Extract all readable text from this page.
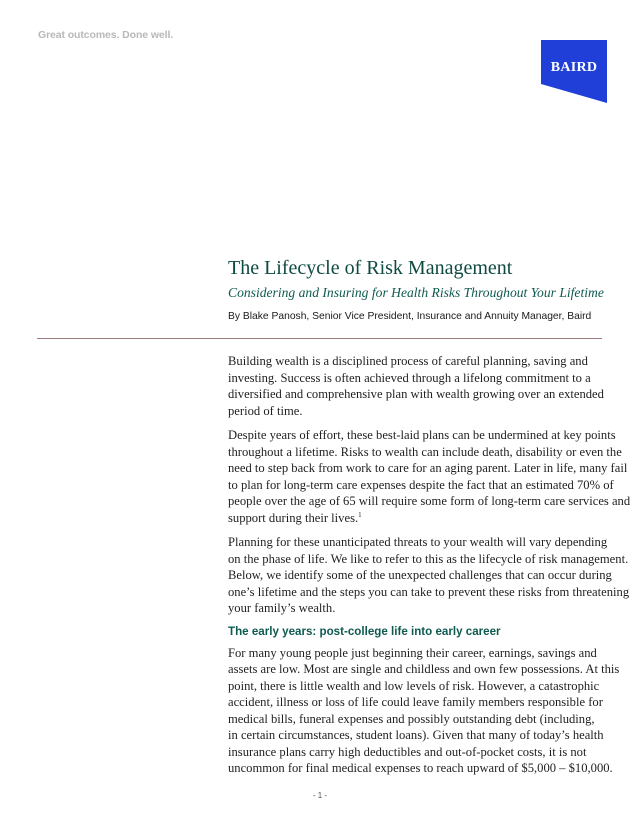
Great outcomes. Done well.
BAIRD
The Lifecycle of Risk Management
Considering and Insuring for Health Risks Throughout Your Lifetime
By Blake Panosh, Senior Vice President, Insurance and Annuity Manager, Baird
Building wealth is a disciplined process of careful planning, saving and
investing. Success is often achieved through a lifelong commitment to a
diversified and comprehensive plan with wealth growing over an extended
period of time.
Despite years of effort, these best-laid plans can be undermined at key points
throughout a lifetime. Risks to wealth can include death, disability or even the
need to step back from work to care for an aging parent. Later in life, many fail
to plan for long-term care expenses despite the fact that an estimated 70% of
people over the age of 65 will require some form of long-term care services and
support during their lives.$^1$
Planning for these unanticipated threats to your wealth will vary depending
on the phase of life. We like to refer to this as the lifecycle of risk management.
Below, we identify some of the unexpected challenges that can occur during
one’s lifetime and the steps you can take to prevent these risks from threatening
your family’s wealth.
The early years: post-college life into early career
For many young people just beginning their career, earnings, savings and
assets are low. Most are single and childless and own few possessions. At this
point, there is little wealth and low levels of risk. However, a catastrophic
accident, illness or loss of life could leave family members responsible for
medical bills, funeral expenses and possibly outstanding debt (including,
in certain circumstances, student loans). Given that many of today’s health
insurance plans carry high deductibles and out-of-pocket costs, it is not
uncommon for final medical expenses to reach upward of $5,000 – $10,000.
- 1 -
